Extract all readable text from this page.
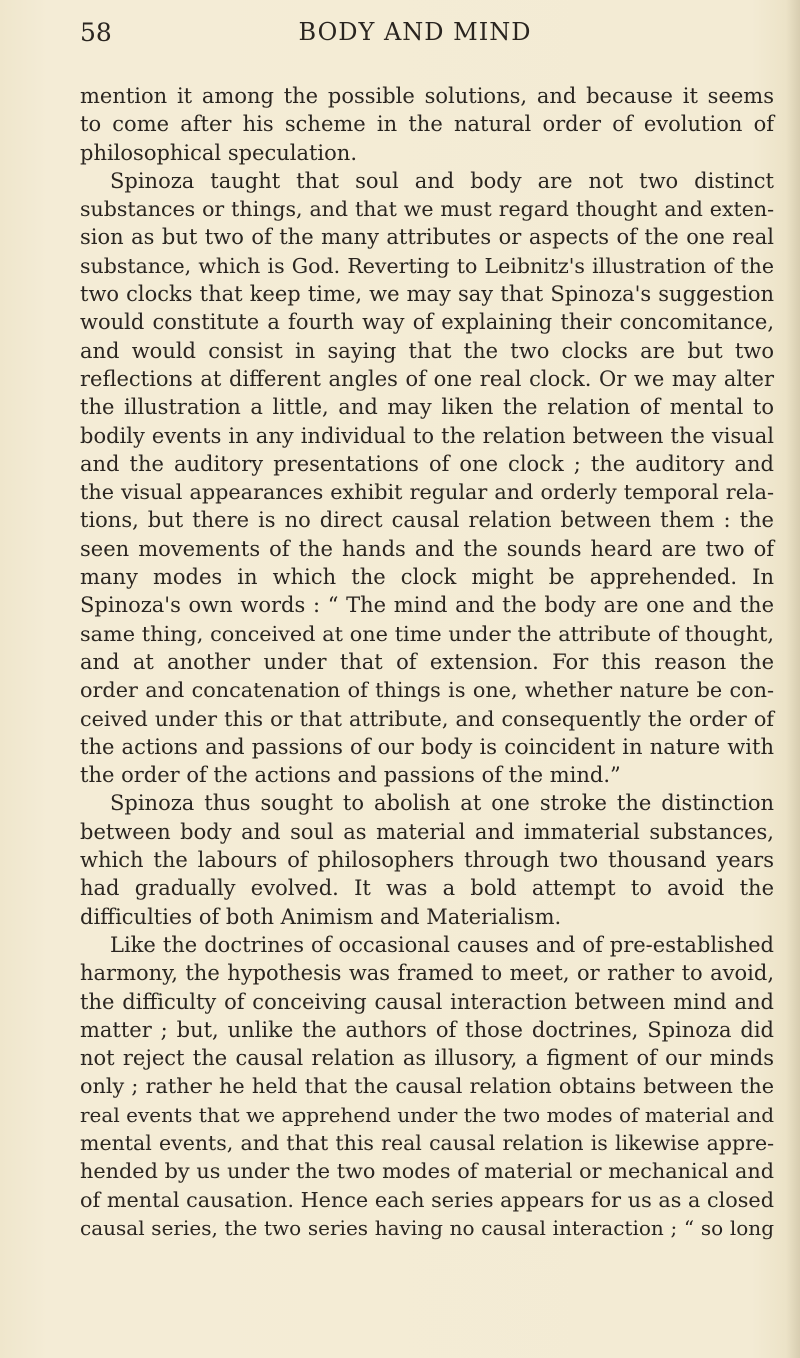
58	BODY AND MIND
mention it among the possible solutions, and because it seems
to come after his scheme in the natural order of evolution of
philosophical speculation.
Spinoza taught that soul and body are not two distinct
substances or things, and that we must regard thought and exten-
sion as but two of the many attributes or aspects of the one real
substance, which is God. Reverting to Leibnitz's illustration of the
two clocks that keep time, we may say that Spinoza's suggestion
would constitute a fourth way of explaining their concomitance,
and would consist in saying that the two clocks are but two
reflections at different angles of one real clock. Or we may alter
the illustration a little, and may liken the relation of mental to
bodily events in any individual to the relation between the visual
and the auditory presentations of one clock ; the auditory and
the visual appearances exhibit regular and orderly temporal rela-
tions, but there is no direct causal relation between them : the
seen movements of the hands and the sounds heard are two of
many modes in which the clock might be apprehended. In
Spinoza's own words : “ The mind and the body are one and the
same thing, conceived at one time under the attribute of thought,
and at another under that of extension. For this reason the
order and concatenation of things is one, whether nature be con-
ceived under this or that attribute, and consequently the order of
the actions and passions of our body is coincident in nature with
the order of the actions and passions of the mind.”
Spinoza thus sought to abolish at one stroke the distinction
between body and soul as material and immaterial substances,
which the labours of philosophers through two thousand years
had gradually evolved. It was a bold attempt to avoid the
difficulties of both Animism and Materialism.
Like the doctrines of occasional causes and of pre-established
harmony, the hypothesis was framed to meet, or rather to avoid,
the difficulty of conceiving causal interaction between mind and
matter ; but, unlike the authors of those doctrines, Spinoza did
not reject the causal relation as illusory, a figment of our minds
only ; rather he held that the causal relation obtains between the
real events that we apprehend under the two modes of material and
mental events, and that this real causal relation is likewise appre-
hended by us under the two modes of material or mechanical and
of mental causation. Hence each series appears for us as a closed
causal series, the two series having no causal interaction ; “ so long
